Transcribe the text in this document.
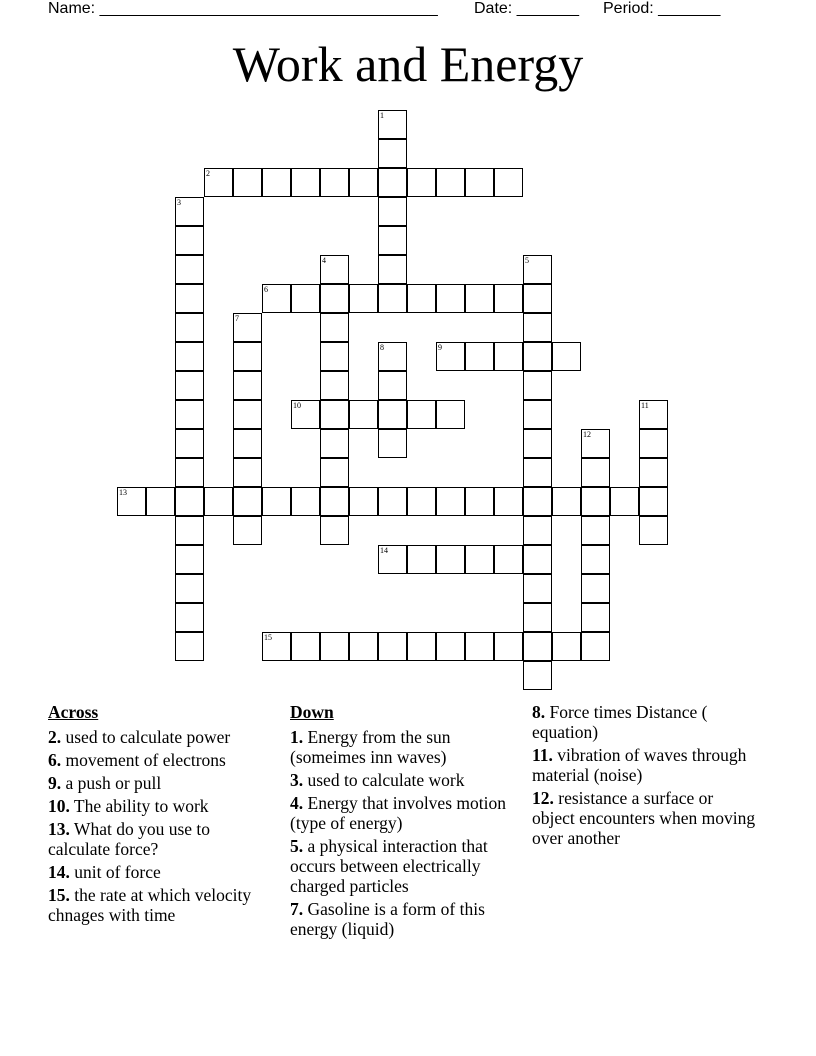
Name: ______________________________________ Date: _______ Period: _______
Work and Energy
1
2
3
4	5
6
7
8	9
10	11
12
13
14
15
Across
2. used to calculate power
6. movement of electrons
9. a push or pull
10. The ability to work
13. What do you use to calculate force?
14. unit of force
15. the rate at which velocity chnages with time
Down
1. Energy from the sun (someimes inn waves)
3. used to calculate work
4. Energy that involves motion (type of energy)
5. a physical interaction that occurs between electrically charged particles
7. Gasoline is a form of this energy (liquid)
8. Force times Distance ( equation)
11. vibration of waves through material (noise)
12. resistance a surface or object encounters when moving over another
